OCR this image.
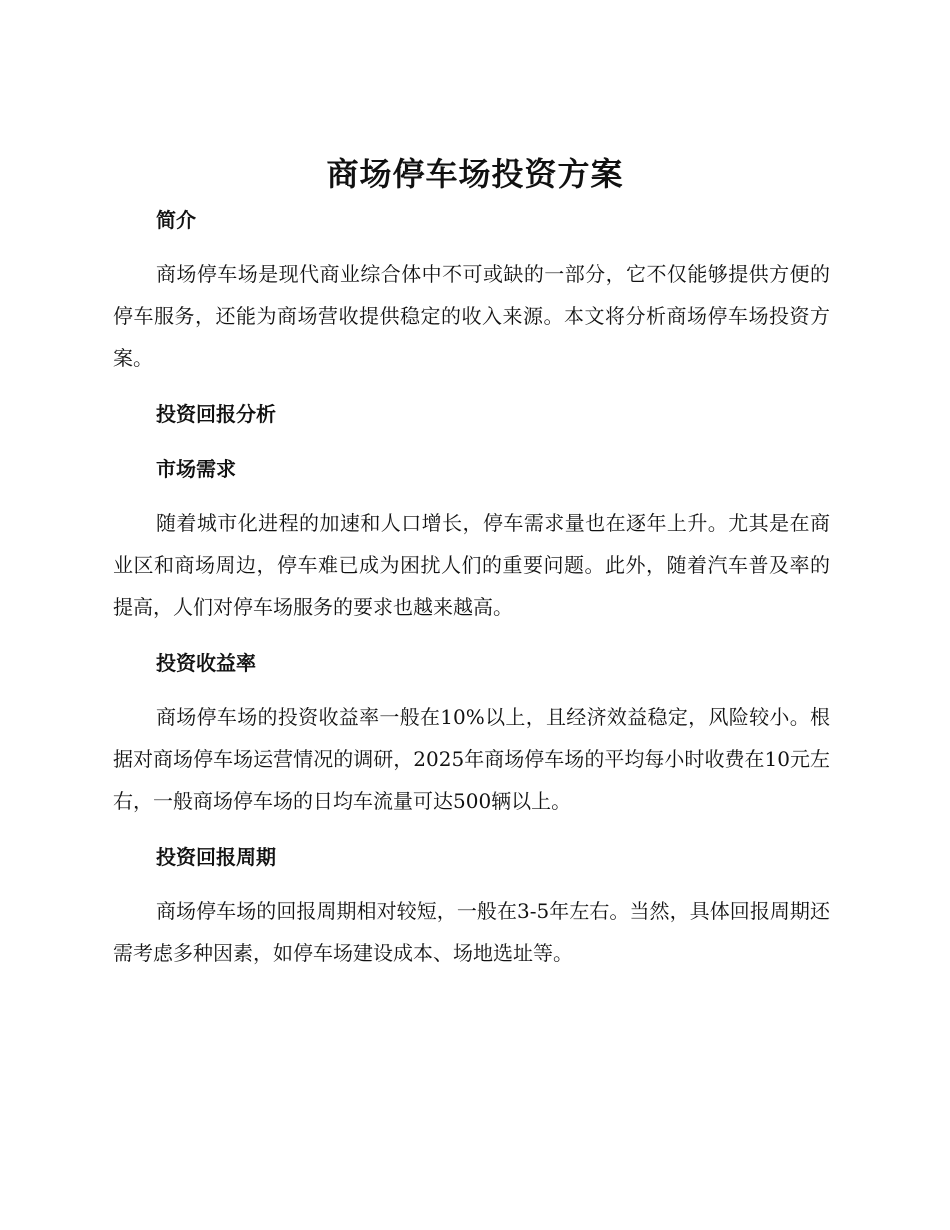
商场停车场投资方案
简介

商场停车场是现代商业综合体中不可或缺的一部分，它不仅能够提供方便的停车服务，还能为商场营收提供稳定的收入来源。本文将分析商场停车场投资方案。

投资回报分析
市场需求

随着城市化进程的加速和人口增长，停车需求量也在逐年上升。尤其是在商业区和商场周边，停车难已成为困扰人们的重要问题。此外，随着汽车普及率的提高，人们对停车场服务的要求也越来越高。

投资收益率

商场停车场的投资收益率一般在10%以上，且经济效益稳定，风险较小。根据对商场停车场运营情况的调研，2025年商场停车场的平均每小时收费在10元左右，一般商场停车场的日均车流量可达500辆以上。

投资回报周期

商场停车场的回报周期相对较短，一般在3-5年左右。当然，具体回报周期还需考虑多种因素，如停车场建设成本、场地选址等。
